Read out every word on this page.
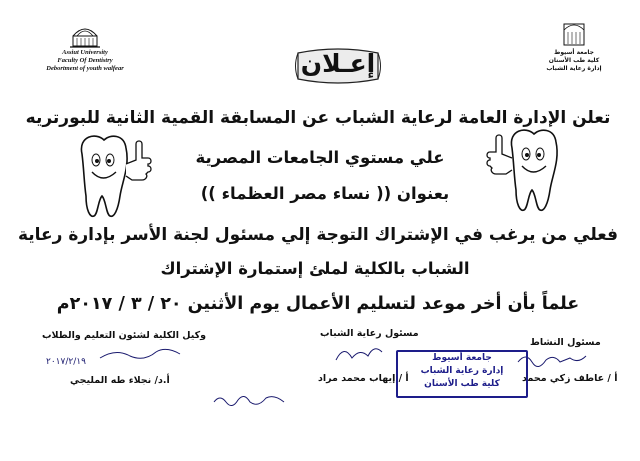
Assiut University
Faculty Of Dentistry
Debortment of youth walfear
جامعة أسيوط
كلية طب الأسنان
إدارة رعاية الشباب
إعـلان
تعلن الإدارة العامة لرعاية الشباب عن المسابقة القمية الثانية للبورتريه
علي مستوي الجامعات المصرية
بعنوان (( نساء مصر العظماء ))
فعلي من يرغب في الإشتراك التوجة إلي مسئول لجنة الأسر بإدارة رعاية
الشباب بالكلية لملئ إستمارة الإشتراك
علماً بأن أخر موعد لتسليم الأعمال يوم الأثنين ٢٠ / ٣ / ٢٠١٧م
مسئول النشاط
مسئول رعاية الشباب
وكيل الكلية لشئون التعليم والطلاب
٢٠١٧/٢/١٩
أ / عاطف زكي محمد
أ / إيهاب محمد مراد
أ.د/ نجلاء طه المليجي
جامعة أسيوط
إدارة رعاية الشباب
كلية طب الأسنان
